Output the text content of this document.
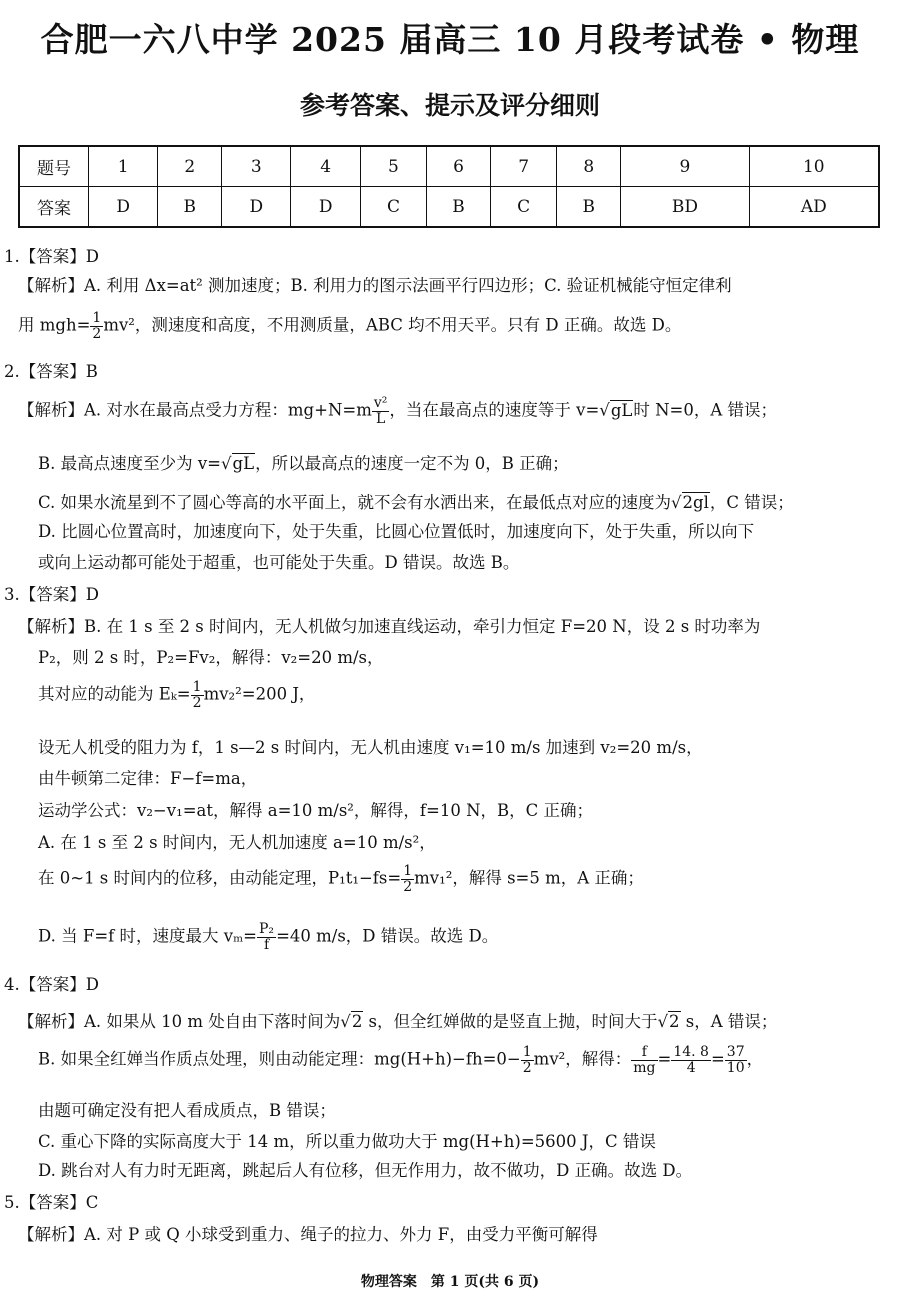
合肥一六八中学 2025 届高三 10 月段考试卷 • 物理
参考答案、提示及评分细则
题号	1	2	3	4	5	6	7	8	9	10
答案	D	B	D	D	C	B	C	B	BD	AD
1.【答案】D
【解析】A. 利用 Δx=at² 测加速度；B. 利用力的图示法画平行四边形；C. 验证机械能守恒定律利
用 $mgh= \frac{1}{2} mv^2$，测速度和高度，不用测质量，ABC 均不用天平。只有 D 正确。故选 D。
2.【答案】B
【解析】A. 对水在最高点受力方程：$mg+N=m \frac{\text{v²}}{L}$ ，当在最高点的速度等于 v=√gL时 N=0，A 错误；
B. 最高点速度至少为 v=√gL，所以最高点的速度一定不为 0，B 正确；
C. 如果水流星到不了圆心等高的水平面上，就不会有水洒出来，在最低点对应的速度为√2gl，C 错误；
D. 比圆心位置高时，加速度向下，处于失重，比圆心位置低时，加速度向下，处于失重，所以向下
或向上运动都可能处于超重，也可能处于失重。D 错误。故选 B。
3.【答案】D
【解析】B. 在 1 s 至 2 s 时间内，无人机做匀加速直线运动，牵引力恒定 F=20 N，设 2 s 时功率为
P₂，则 2 s 时，P₂=Fv₂，解得：v₂=20 m/s，
其对应的动能为 $E_k= \frac{1}{2} mv_2^2=200$ J，
设无人机受的阻力为 f，1 s—2 s 时间内，无人机由速度 v₁=10 m/s 加速到 v₂=20 m/s，
由牛顿第二定律：F−f=ma，
运动学公式：v₂−v₁=at，解得 a=10 m/s²，解得，f=10 N，B，C 正确；
A. 在 1 s 至 2 s 时间内，无人机加速度 a=10 m/s²，
在 0~1 s 时间内的位移，由动能定理，$P_1t_1-fs= \frac{1}{2} mv_1^2$，解得 s=5 m，A 正确；
D. 当 F=f 时，速度最大 $v_m= \frac{\text{P₂}}{f} =40$ m/s，D 错误。故选 D。
4.【答案】D
【解析】A. 如果从 10 m 处自由下落时间为√2 s，但全红婵做的是竖直上抛，时间大于√2 s，A 错误；
B. 如果全红婵当作质点处理，则由动能定理：$mg(H+h)-fh=0- \frac{1}{2} mv^2$，解得： $\frac{f}{mg} = \frac{14. 8}{4} = \frac{37}{10}$ ，
由题可确定没有把人看成质点，B 错误；
C. 重心下降的实际高度大于 14 m，所以重力做功大于 mg(H+h)=5600 J，C 错误
D. 跳台对人有力时无距离，跳起后人有位移，但无作用力，故不做功，D 正确。故选 D。
5.【答案】C
【解析】A. 对 P 或 Q 小球受到重力、绳子的拉力、外力 F，由受力平衡可解得
物理答案　第 1 页(共 6 页)
